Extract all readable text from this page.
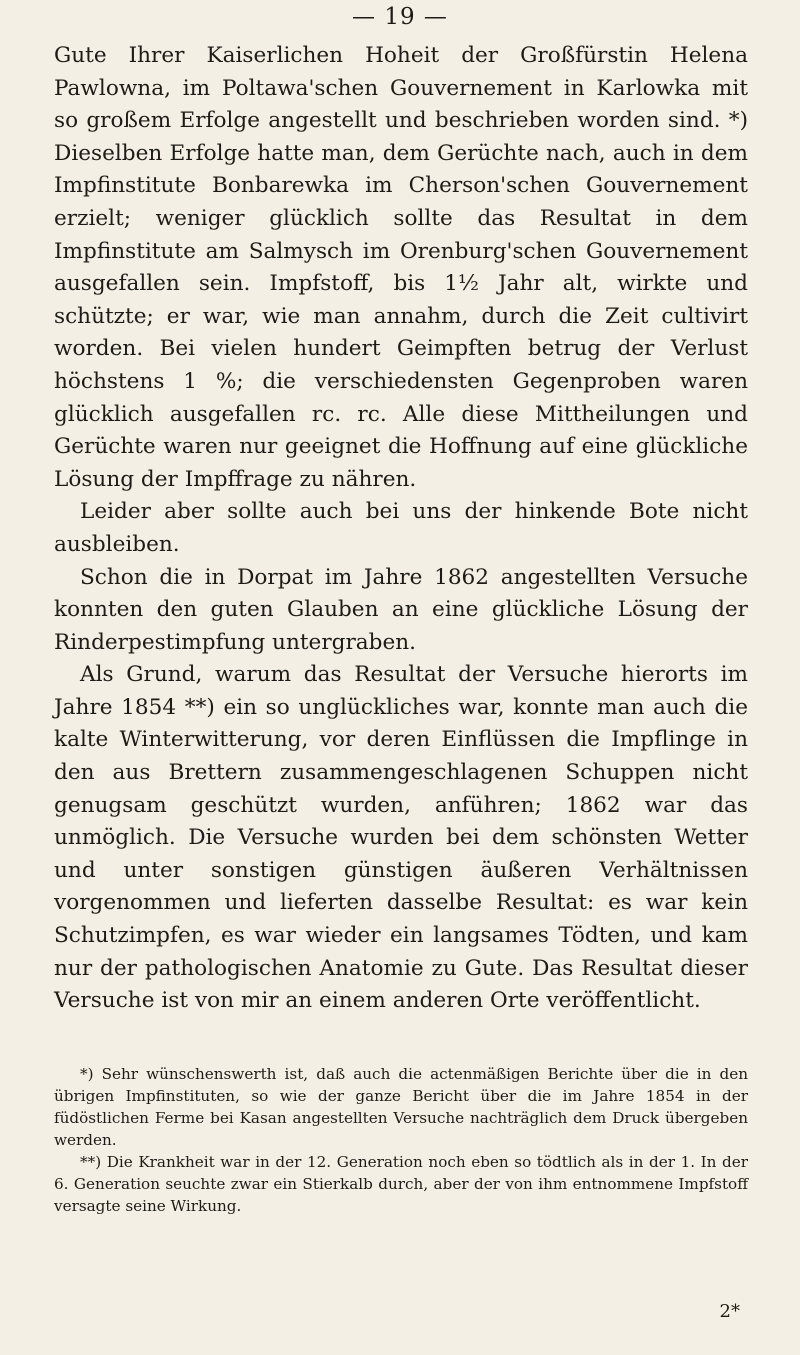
— 19 —

Gute Ihrer Kaiserlichen Hoheit der Großfürstin Helena Pawlowna, im Poltawa'schen Gouvernement in Karlowka mit so großem Erfolge angestellt und beschrieben worden sind. *) Dieselben Erfolge hatte man, dem Gerüchte nach, auch in dem Impfinstitute Bonbarewka im Cherson'schen Gouvernement erzielt; weniger glücklich sollte das Resultat in dem Impfinstitute am Salmysch im Orenburg'schen Gouvernement ausgefallen sein. Impfstoff, bis 1½ Jahr alt, wirkte und schützte; er war, wie man annahm, durch die Zeit cultivirt worden. Bei vielen hundert Geimpften betrug der Verlust höchstens 1 %; die verschiedensten Gegenproben waren glücklich ausgefallen rc. rc. Alle diese Mittheilungen und Gerüchte waren nur geeignet die Hoffnung auf eine glückliche Lösung der Impffrage zu nähren.

Leider aber sollte auch bei uns der hinkende Bote nicht ausbleiben.

Schon die in Dorpat im Jahre 1862 angestellten Versuche konnten den guten Glauben an eine glückliche Lösung der Rinderpestimpfung untergraben.

Als Grund, warum das Resultat der Versuche hierorts im Jahre 1854 **) ein so unglückliches war, konnte man auch die kalte Winterwitterung, vor deren Einflüssen die Impflinge in den aus Brettern zusammengeschlagenen Schuppen nicht genugsam geschützt wurden, anführen; 1862 war das unmöglich. Die Versuche wurden bei dem schönsten Wetter und unter sonstigen günstigen äußeren Verhältnissen vorgenommen und lieferten dasselbe Resultat: es war kein Schutzimpfen, es war wieder ein langsames Tödten, und kam nur der pathologischen Anatomie zu Gute. Das Resultat dieser Versuche ist von mir an einem anderen Orte veröffentlicht.

*) Sehr wünschenswerth ist, daß auch die actenmäßigen Berichte über die in den übrigen Impfinstituten, so wie der ganze Bericht über die im Jahre 1854 in der füdöstlichen Ferme bei Kasan angestellten Versuche nachträglich dem Druck übergeben werden.

**) Die Krankheit war in der 12. Generation noch eben so tödtlich als in der 1. In der 6. Generation seuchte zwar ein Stierkalb durch, aber der von ihm entnommene Impfstoff versagte seine Wirkung.

2*
